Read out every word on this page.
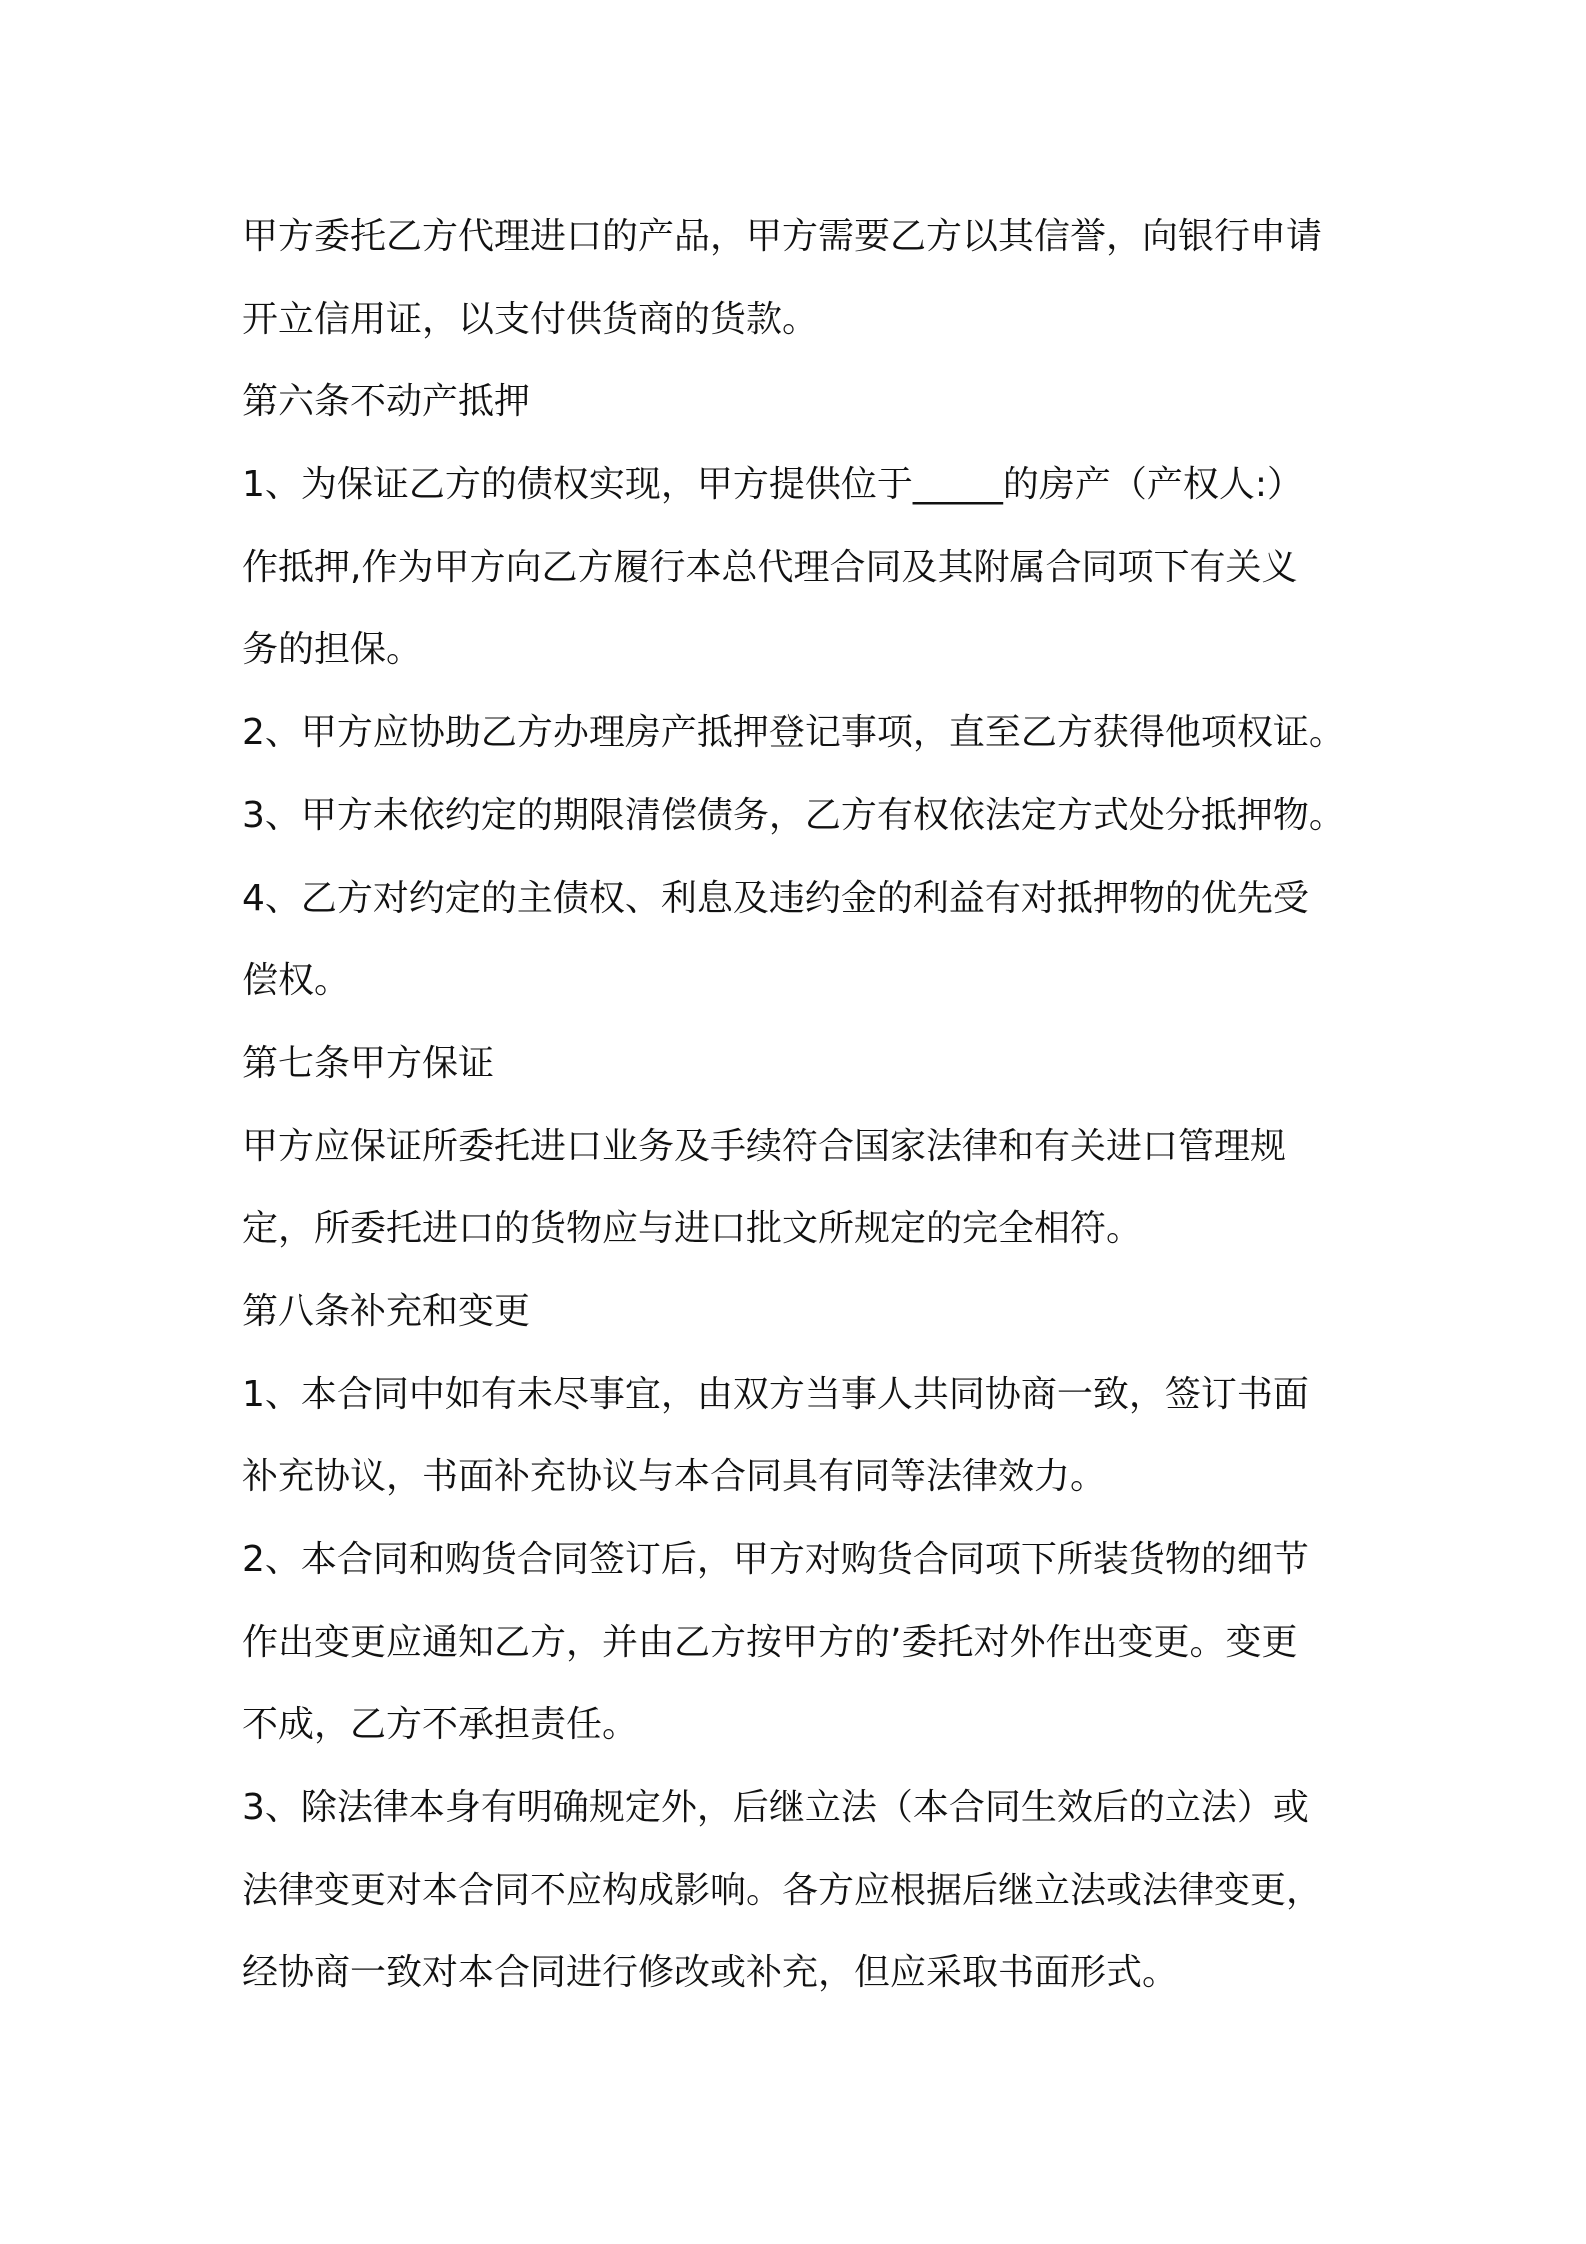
甲方委托乙方代理进口的产品，甲方需要乙方以其信誉，向银行申请
开立信用证，以支付供货商的货款。
第六条不动产抵押
1、为保证乙方的债权实现，甲方提供位于_____的房产（产权人:）
作抵押,作为甲方向乙方履行本总代理合同及其附属合同项下有关义
务的担保。
2、甲方应协助乙方办理房产抵押登记事项，直至乙方获得他项权证。
3、甲方未依约定的期限清偿债务，乙方有权依法定方式处分抵押物。
4、乙方对约定的主债权、利息及违约金的利益有对抵押物的优先受
偿权。
第七条甲方保证
甲方应保证所委托进口业务及手续符合国家法律和有关进口管理规
定，所委托进口的货物应与进口批文所规定的完全相符。
第八条补充和变更
1、本合同中如有未尽事宜，由双方当事人共同协商一致，签订书面
补充协议，书面补充协议与本合同具有同等法律效力。
2、本合同和购货合同签订后，甲方对购货合同项下所装货物的细节
作出变更应通知乙方，并由乙方按甲方的’委托对外作出变更。变更
不成，乙方不承担责任。
3、除法律本身有明确规定外，后继立法（本合同生效后的立法）或
法律变更对本合同不应构成影响。各方应根据后继立法或法律变更，
经协商一致对本合同进行修改或补充，但应采取书面形式。
